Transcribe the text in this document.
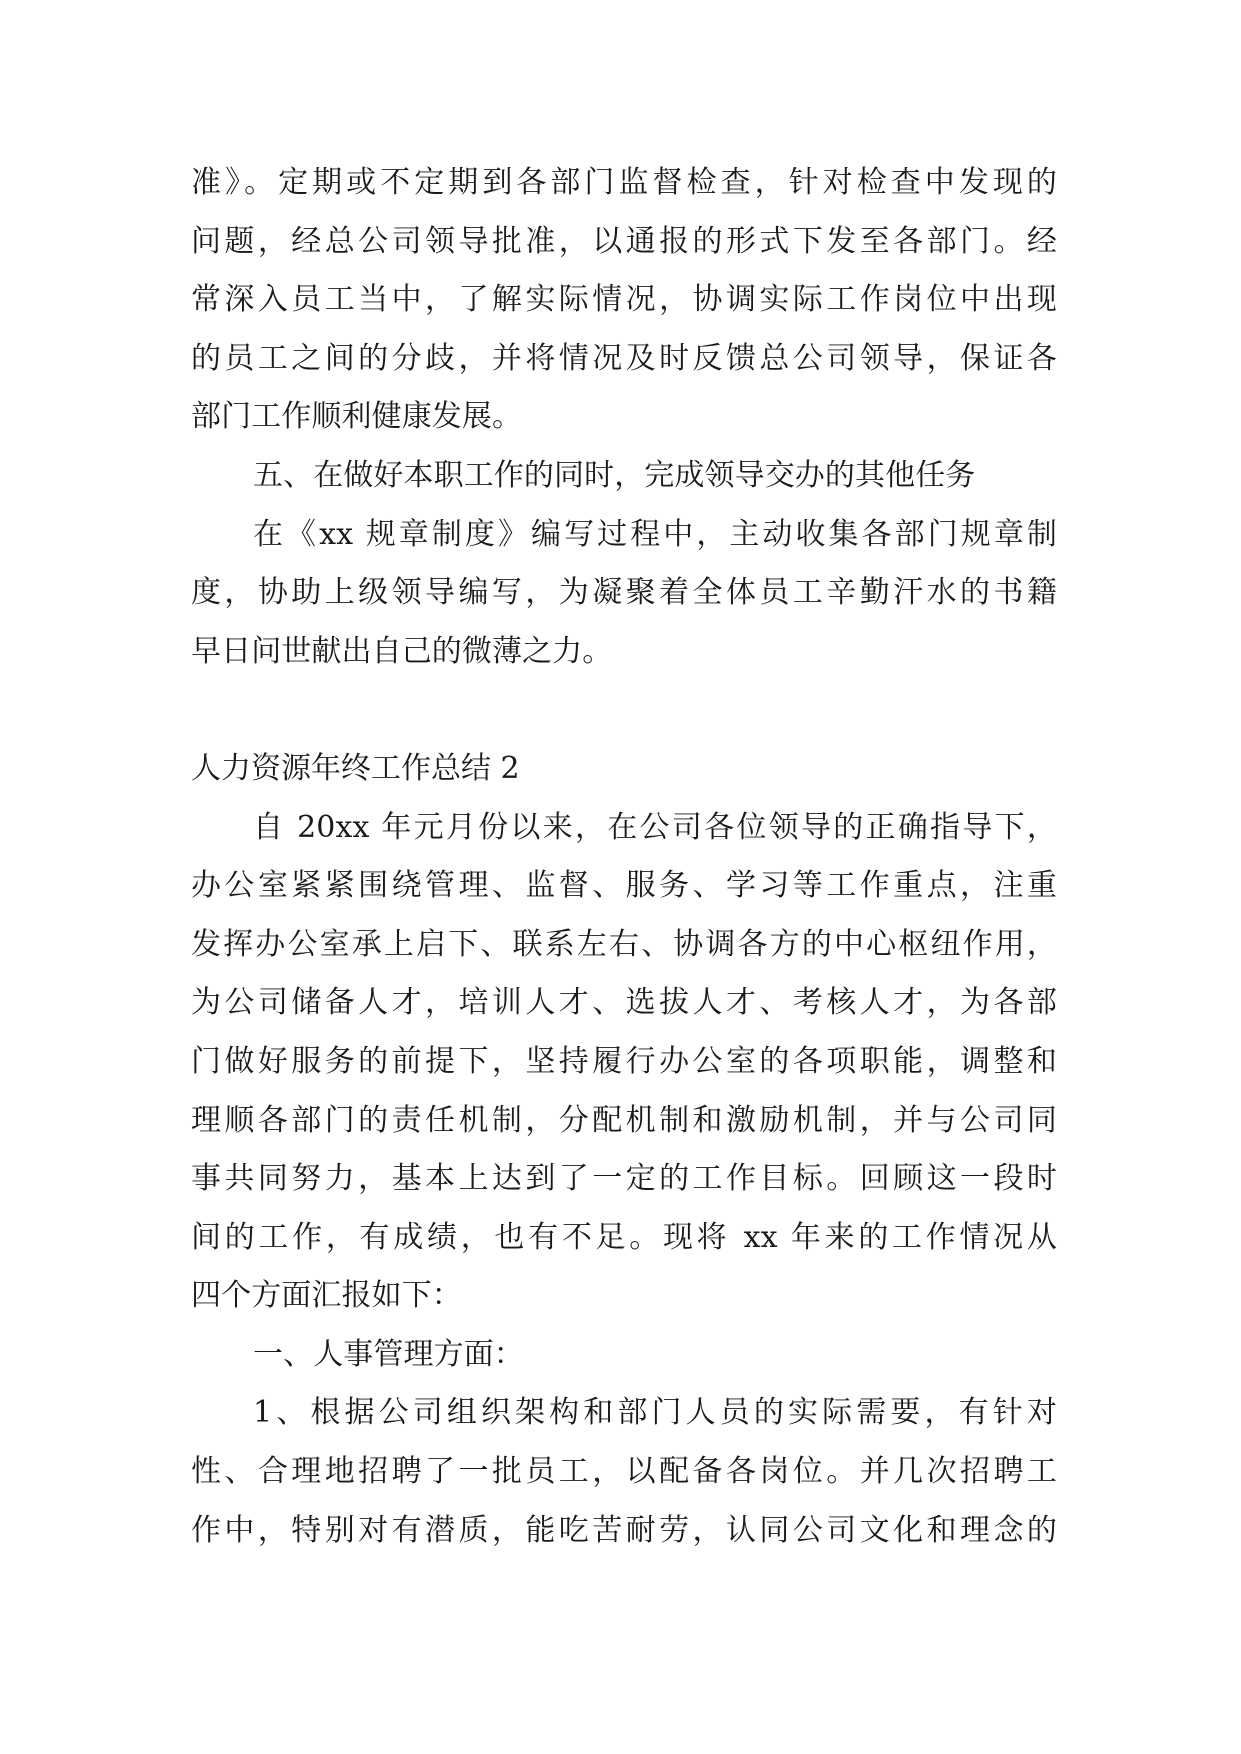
准》。定期或不定期到各部门监督检查，针对检查中发现的
问题，经总公司领导批准，以通报的形式下发至各部门。经
常深入员工当中，了解实际情况，协调实际工作岗位中出现
的员工之间的分歧，并将情况及时反馈总公司领导，保证各
部门工作顺利健康发展。
五、在做好本职工作的同时，完成领导交办的其他任务
在《xx 规章制度》编写过程中，主动收集各部门规章制
度，协助上级领导编写，为凝聚着全体员工辛勤汗水的书籍
早日问世献出自己的微薄之力。
人力资源年终工作总结 2
自 20xx 年元月份以来，在公司各位领导的正确指导下，
办公室紧紧围绕管理、监督、服务、学习等工作重点，注重
发挥办公室承上启下、联系左右、协调各方的中心枢纽作用，
为公司储备人才，培训人才、选拔人才、考核人才，为各部
门做好服务的前提下，坚持履行办公室的各项职能，调整和
理顺各部门的责任机制，分配机制和激励机制，并与公司同
事共同努力，基本上达到了一定的工作目标。回顾这一段时
间的工作，有成绩，也有不足。现将 xx 年来的工作情况从
四个方面汇报如下：
一、人事管理方面：
1、根据公司组织架构和部门人员的实际需要，有针对
性、合理地招聘了一批员工，以配备各岗位。并几次招聘工
作中，特别对有潜质，能吃苦耐劳，认同公司文化和理念的
